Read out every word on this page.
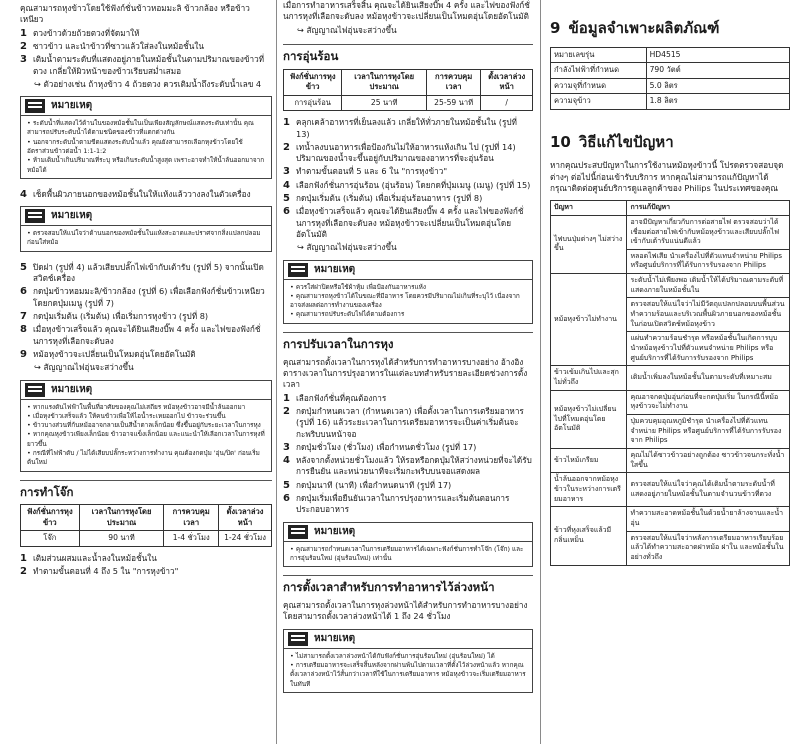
คุณสามารถหุงข้าวโดยใช้ฟังก์ชั่นข้าวหอมมะลิ ข้าวกล้อง หรือข้าวเหนียว

1 ตวงข้าวด้วยถ้วยตวงที่จัดมาให้
2 ซาวข้าว และนำข้าวที่ซาวแล้วใส่ลงในหม้อชั้นใน
3 เติมน้ำตามระดับที่แสดงอยู่ภายในหม้อชั้นในตามปริมาณของข้าวที่ตวง เกลี่ยให้ผิวหน้าของข้าวเรียบสม่ำเสมอ

↪ ตัวอย่างเช่น ถ้าหุงข้าว 4 ถ้วยตวง ควรเติมน้ำถึงระดับน้ำเลข 4

หมายเหตุ
• ระดับน้ำที่แสดงไว้ด้านในของหม้อชั้นในเป็นเพียงสัญลักษณ์แสดงระดับเท่านั้น คุณสามารถปรับระดับน้ำได้ตามชนิดของข้าวที่แตกต่างกัน
• นอกจากระดับน้ำตามขีดแสดงระดับน้ำแล้ว คุณยังสามารถเลือกหุงข้าวโดยใช้อัตราส่วนข้าวต่อน้ำ 1:1-1:2
• ห้ามเติมน้ำเกินปริมาณที่ระบุ หรือเกินระดับน้ำสูงสุด เพราะอาจทำให้น้ำล้นออกมาจากหม้อได้
4 เช็ดพื้นผิวภายนอกของหม้อชั้นในให้แห้งแล้ววางลงในตัวเครื่อง
หมายเหตุ
• ตรวจสอบให้แน่ใจว่าด้านนอกของหม้อชั้นในแห้งสะอาดและปราศจากสิ่งแปลกปลอมก่อนใส่หม้อ
5 ปิดฝา (รูปที่ 4) แล้วเสียบปลั๊กไฟเข้ากับเต้ารับ (รูปที่ 5) จากนั้นเปิดสวิตช์เครื่อง
6 กดปุ่มข้าวหอมมะลิ/ข้าวกล้อง (รูปที่ 6) เพื่อเลือกฟังก์ชั่นข้าวเหนียวโดยกดปุ่มเมนู (รูปที่ 7)
7 กดปุ่มเริ่มต้น (เริ่มต้น) เพื่อเริ่มการหุงข้าว (รูปที่ 8)
8 เมื่อหุงข้าวเสร็จแล้ว คุณจะได้ยินเสียงบี๊พ 4 ครั้ง และไฟของฟังก์ชั่นการหุงที่เลือกจะดับลง
9 หม้อหุงข้าวจะเปลี่ยนเป็นโหมดอุ่นโดยอัตโนมัติ

↪ สัญญาณไฟอุ่นจะสว่างขึ้น

หมายเหตุ
• หากแรงดันไฟฟ้าในพื้นที่อาศัยของคุณไม่เสถียร หม้อหุงข้าวอาจมีน้ำล้นออกมา
• เมื่อหุงข้าวเสร็จแล้ว ให้คนข้าวเพื่อให้ไอน้ำระเหยออกไป ข้าวจะร่วนขึ้น
• ข้าวบางส่วนที่ก้นหม้ออาจกลายเป็นสีน้ำตาลเล็กน้อย ซึ่งขึ้นอยู่กับระยะเวลาในการหุง
• หากคุณหุงข้าวเพียงเล็กน้อย ข้าวอาจแข็งเล็กน้อย และแนะนำให้เลือกเวลาในการหุงที่ยาวขึ้น
• กรณีที่ไฟฟ้าดับ / ไม่ได้เสียบปลั๊กระหว่างการทำงาน คุณต้องกดปุ่ม 'อุ่น/ปิด' ก่อนเริ่มต้นใหม่
การทำโจ๊ก
ฟังก์ชั่นการหุงข้าว	เวลาในการหุงโดยประมาณ	การควบคุมเวลา	ตั้งเวลาล่วงหน้า
โจ๊ก	90 นาที	1-4 ชั่วโมง	1-24 ชั่วโมง
1 เติมส่วนผสมและน้ำลงในหม้อชั้นใน
2 ทำตามขั้นตอนที่ 4 ถึง 5 ใน "การหุงข้าว"

เมื่อการทำอาหารเสร็จสิ้น คุณจะได้ยินเสียงบี๊พ 4 ครั้ง และไฟของฟังก์ชั่นการหุงที่เลือกจะดับลง หม้อหุงข้าวจะเปลี่ยนเป็นโหมดอุ่นโดยอัตโนมัติ

↪ สัญญาณไฟอุ่นจะสว่างขึ้น

การอุ่นร้อน
ฟังก์ชั่นการหุงข้าว	เวลาในการหุงโดยประมาณ	การควบคุมเวลา	ตั้งเวลาล่วงหน้า
การอุ่นร้อน	25 นาที	25-59 นาที	/
1 คลุกเคล้าอาหารที่เย็นลงแล้ว เกลี่ยให้ทั่วภายในหม้อชั้นใน (รูปที่ 13)
2 เทน้ำลงบนอาหารเพื่อป้องกันไม่ให้อาหารแห้งเกิน ไป (รูปที่ 14) ปริมาณของน้ำจะขึ้นอยู่กับปริมาณของอาหารที่จะอุ่นร้อน
3 ทำตามขั้นตอนที่ 5 และ 6 ใน "การหุงข้าว"
4 เลือกฟังก์ชั่นการอุ่นร้อน (อุ่นร้อน) โดยกดที่ปุ่มเมนู (เมนู) (รูปที่ 15)
5 กดปุ่มเริ่มต้น (เริ่มต้น) เพื่อเริ่มอุ่นร้อนอาหาร (รูปที่ 8)
6 เมื่อหุงข้าวเสร็จแล้ว คุณจะได้ยินเสียงบี๊พ 4 ครั้ง และไฟของฟังก์ชั่นการหุงที่เลือกจะดับลง หม้อหุงข้าวจะเปลี่ยนเป็นโหมดอุ่นโดยอัตโนมัติ

↪ สัญญาณไฟอุ่นจะสว่างขึ้น

หมายเหตุ
• ควรใส่ฝาปิดหรือใช้ผ้าหุ้ม เพื่อป้องกันอาหารแห้ง
• คุณสามารถหุงข้าวได้ในขณะที่มีอาหาร โดยควรมีปริมาณไม่เกินที่ระบุไว้ เนื่องจากอาจส่งผลต่อการทำงานของเครื่อง
• คุณสามารถปรับระดับไฟได้ตามต้องการ
การปรับเวลาในการหุง

คุณสามารถตั้งเวลาในการหุงได้สำหรับการทำอาหารบางอย่าง อ้างอิงตารางเวลาในการปรุงอาหารในแต่ละบทสำหรับรายละเอียดช่วงการตั้งเวลา

1 เลือกฟังก์ชั่นที่คุณต้องการ
2 กดปุ่มกำหนดเวลา (กำหนดเวลา) เพื่อตั้งเวลาในการเตรียมอาหาร (รูปที่ 16) แล้วระยะเวลาในการเตรียมอาหารจะเป็นค่าเริ่มต้นจะกะพริบบนหน้าจอ
3 กดปุ่มชั่วโมง (ชั่วโมง) เพื่อกำหนดชั่วโมง (รูปที่ 17)
4 หลังจากตั้งหน่วยชั่วโมงแล้ว ให้รอหรือกดปุ่มให้สว่างหน่วยที่จะได้รับการยืนยัน และหน่วยนาทีจะเริ่มกะพริบบนจอแสดงผล
5 กดปุ่มนาที (นาที) เพื่อกำหนดนาที (รูปที่ 17)
6 กดปุ่มเริ่มเพื่อยืนยันเวลาในการปรุงอาหารและเริ่มต้นตอนการประกอบอาหาร
หมายเหตุ
• คุณสามารถกำหนดเวลาในการเตรียมอาหารได้เฉพาะฟังก์ชั่นการทำโจ๊ก (โจ๊ก) และการอุ่นร้อนใหม่ (อุ่นร้อนใหม่) เท่านั้น
การตั้งเวลาสำหรับการทำอาหารไว้ล่วงหน้า

คุณสามารถตั้งเวลาในการหุงล่วงหน้าได้สำหรับการทำอาหารบางอย่าง โดยสามารถตั้งเวลาล่วงหน้าได้ 1 ถึง 24 ชั่วโมง

หมายเหตุ
• ไม่สามารถตั้งเวลาล่วงหน้าได้กับฟังก์ชั่นการอุ่นร้อนใหม่ (อุ่นร้อนใหม่) ได้
• การเตรียมอาหารจะเสร็จสิ้นหลังจากผ่านพ้นไปตามเวลาที่ตั้งไว้ล่วงหน้าแล้ว หากคุณตั้งเวลาล่วงหน้าไว้สั้นกว่าเวลาที่ใช้ในการเตรียมอาหาร หม้อหุงข้าวจะเริ่มเตรียมอาหารในทันที
9 ข้อมูลจำเพาะผลิตภัณฑ์
หมายเลขรุ่น	HD4515
กำลังไฟฟ้าที่กำหนด	790 วัตต์
ความจุที่กำหนด	5.0 ลิตร
ความจุข้าว	1.8 ลิตร
10 วิธีแก้ไขปัญหา

หากคุณประสบปัญหาในการใช้งานหม้อหุงข้าวนี้ โปรดตรวจสอบจุดต่างๆ ต่อไปนี้ก่อนเข้ารับบริการ หากคุณไม่สามารถแก้ปัญหาได้ กรุณาติดต่อศูนย์บริการดูแลลูกค้าของ Philips ในประเทศของคุณ

ปัญหา	การแก้ปัญหา
ไฟบนปุ่มต่างๆ ไม่สว่างขึ้น	อาจมีปัญหาเกี่ยวกับการต่อสายไฟ ตรวจสอบว่าได้เชื่อมต่อสายไฟเข้ากับหม้อหุงข้าวและเสียบปลั๊กไฟเข้ากับเต้ารับแน่นดีแล้ว
	หลอดไฟเสีย นำเครื่องไปที่ตัวแทนจำหน่าย Philips หรือศูนย์บริการที่ได้รับการรับรองจาก Philips
หม้อหุงข้าวไม่ทำงาน	ระดับน้ำไม่เพียงพอ เติมน้ำให้ได้ปริมาณตามระดับที่แสดงภายในหม้อชั้นใน
	ตรวจสอบให้แน่ใจว่าไม่มีวัตถุแปลกปลอมบนพื้นส่วนทำความร้อนและบริเวณพื้นผิวภายนอกของหม้อชั้นในก่อนเปิดสวิตช์หม้อหุงข้าว
	แผ่นทำความร้อนชำรุด หรือหม้อชั้นในเกิดการบุบ นำหม้อหุงข้าวไปที่ตัวแทนจำหน่าย Philips หรือศูนย์บริการที่ได้รับการรับรองจาก Philips
ข้าวเข้มเกินไปและสุกไม่ทั่วถึง	เติมน้ำเพิ่มลงในหม้อชั้นในตามระดับที่เหมาะสม
หม้อหุงข้าวไม่เปลี่ยนไปที่โหมดอุ่นโดยอัตโนมัติ	คุณอาจกดปุ่มอุ่นก่อนที่จะกดปุ่มเริ่ม ในกรณีนี้หม้อหุงข้าวจะไม่ทำงาน
	ปุ่มควบคุมอุณหภูมิชำรุด นำเครื่องไปที่ตัวแทนจำหน่าย Philips หรือศูนย์บริการที่ได้รับการรับรองจาก Philips
ข้าวไหม้เกรียม	คุณไม่ได้ซาวข้าวอย่างถูกต้อง ซาวข้าวจนกระทั่งน้ำใสขึ้น
น้ำล้นออกจากหม้อหุงข้าวในระหว่างการเตรียมอาหาร	ตรวจสอบให้แน่ใจว่าคุณได้เติมน้ำตามระดับน้ำที่แสดงอยู่ภายในหม้อชั้นในตามจำนวนข้าวที่ตวง
ข้าวที่หุงเสร็จแล้วมีกลิ่นเหม็น	ทำความสะอาดหม้อชั้นในด้วยน้ำยาล้างจานและน้ำอุ่น
	ตรวจสอบให้แน่ใจว่าหลังการเตรียมอาหารเรียบร้อยแล้วได้ทำความสะอาดฝาหม้อ ฝาใน และหม้อชั้นในอย่างทั่วถึง
